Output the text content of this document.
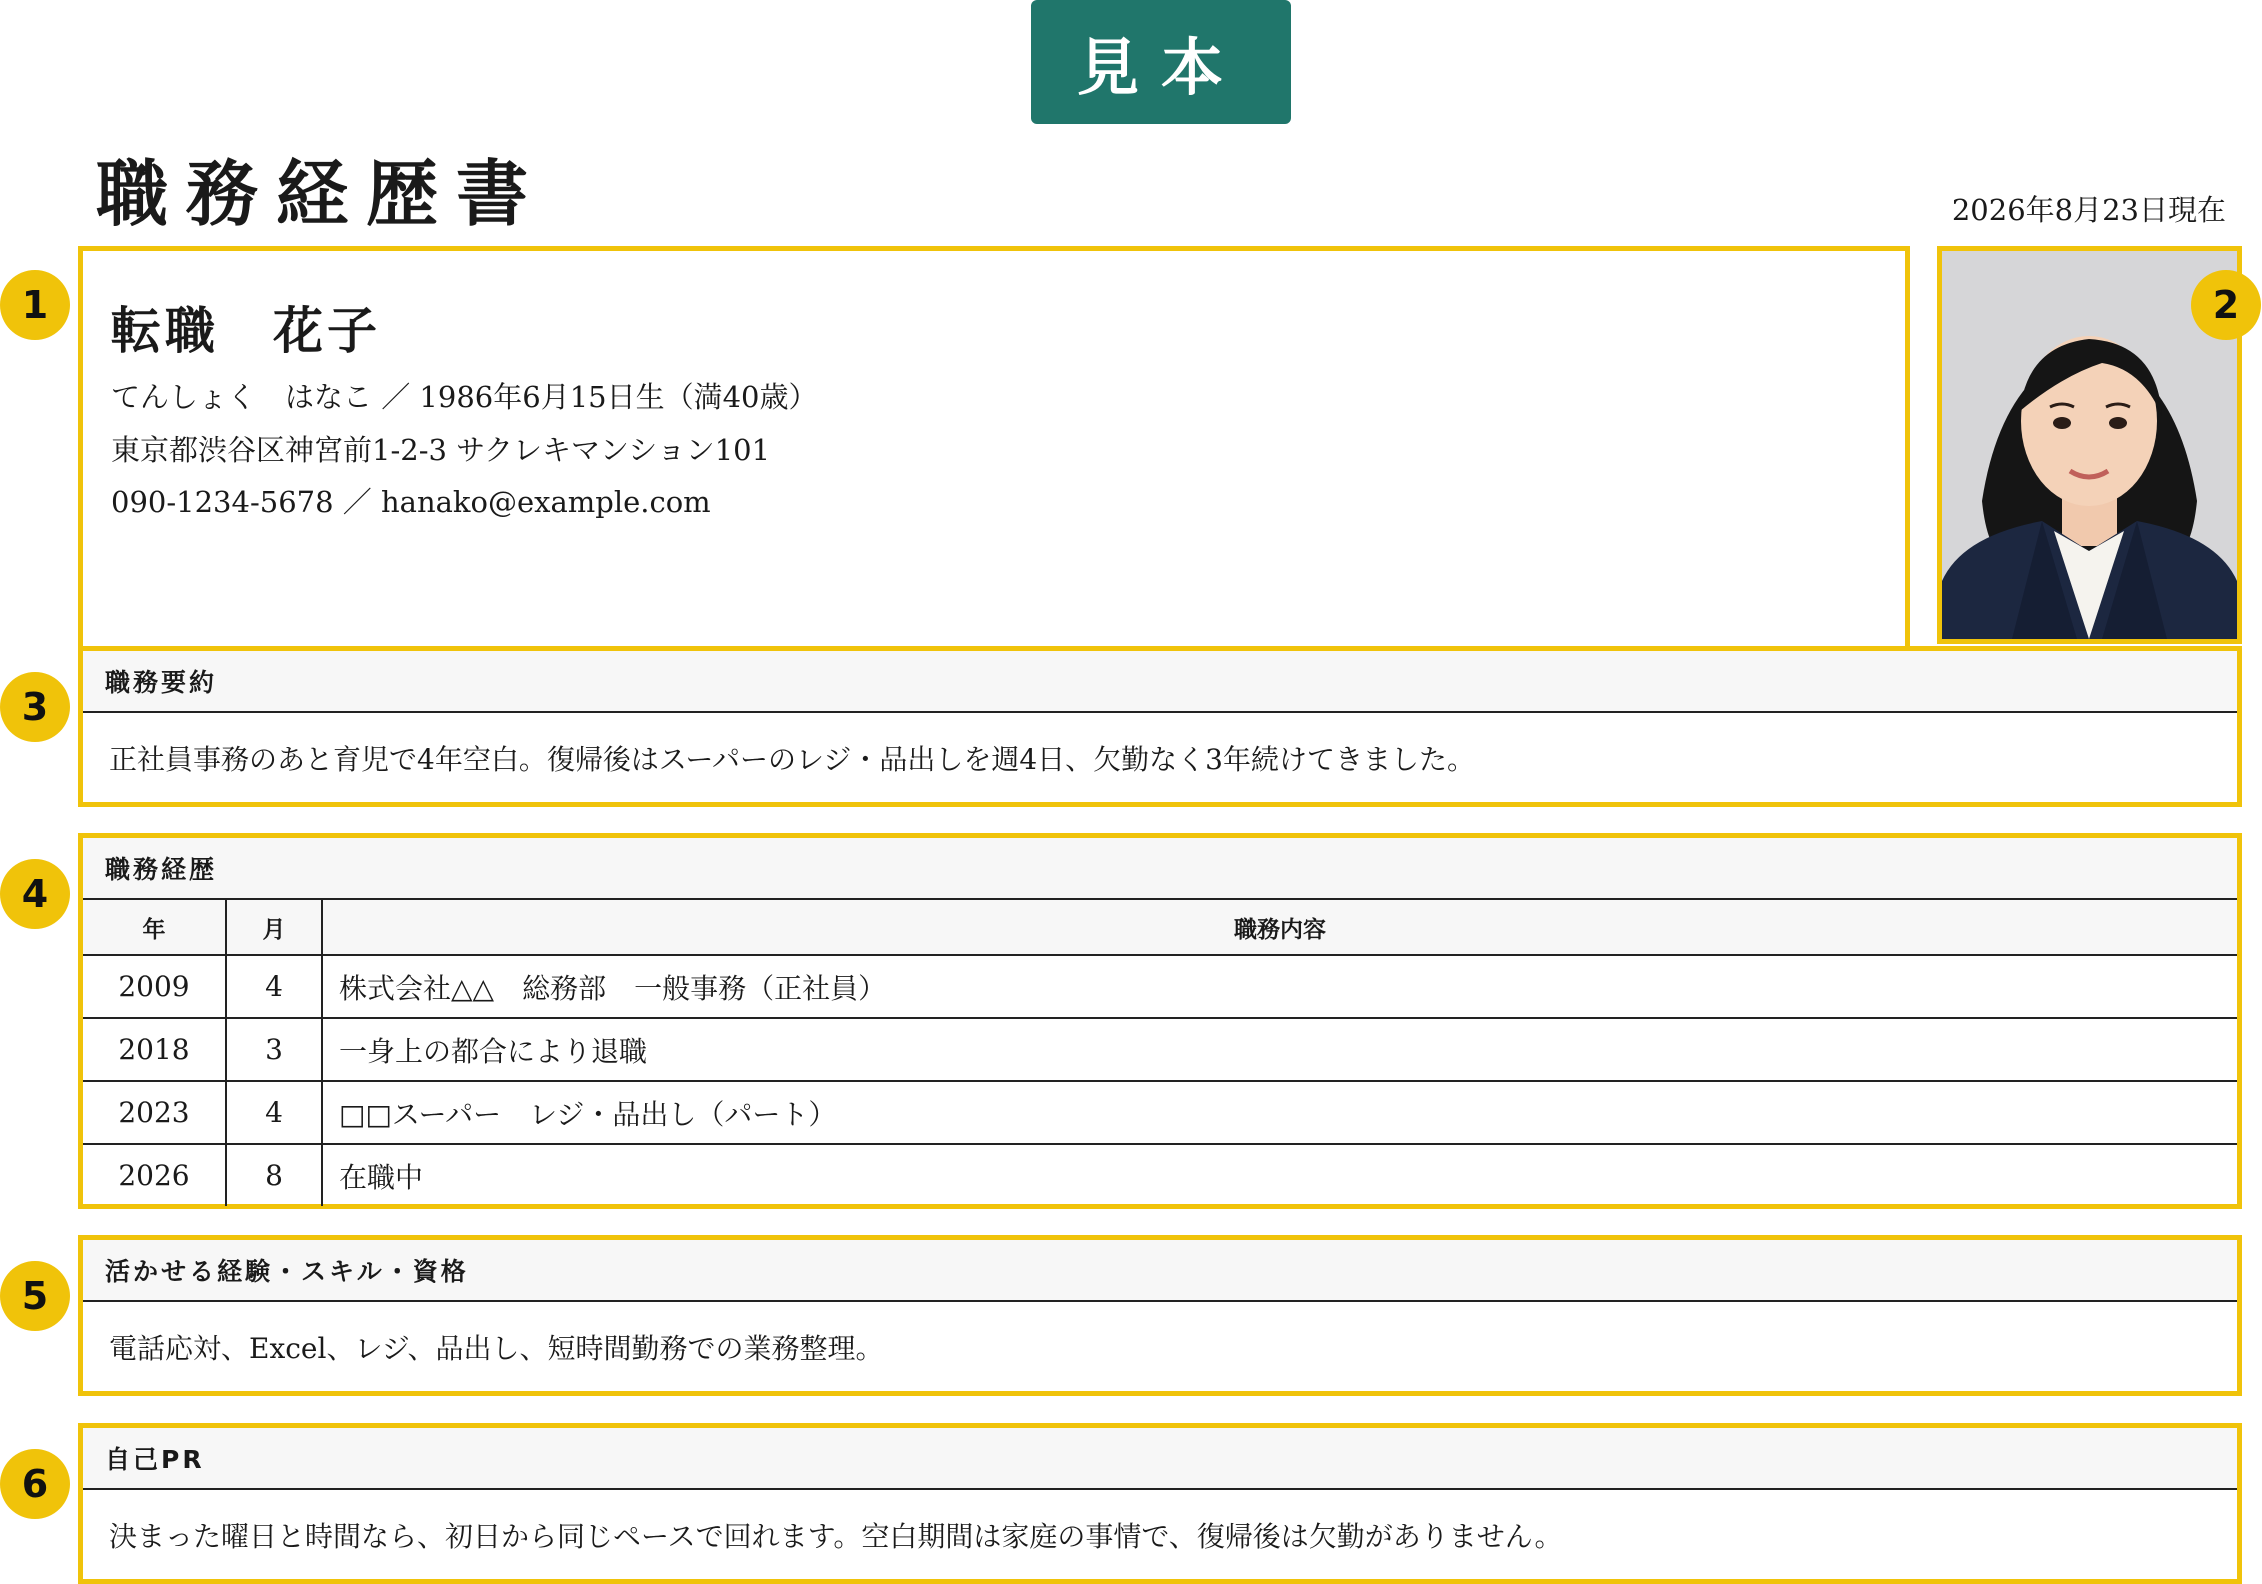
見本
職務経歴書	2026年8月23日現在
転職　花子
てんしょく　はなこ ／ 1986年6月15日生（満40歳）
東京都渋谷区神宮前1-2-3 サクレキマンション101
090-1234-5678 ／ hanako@example.com
1	2
職務要約
正社員事務のあと育児で4年空白。復帰後はスーパーのレジ・品出しを週4日、欠勤なく3年続けてきました。
3
職務経歴
年	月	職務内容
2009	4	株式会社△△　総務部　一般事務（正社員）
2018	3	一身上の都合により退職
2023	4	□□スーパー　レジ・品出し（パート）
2026	8	在職中
4
活かせる経験・スキル・資格
電話応対、Excel、レジ、品出し、短時間勤務での業務整理。
5
自己PR
決まった曜日と時間なら、初日から同じペースで回れます。空白期間は家庭の事情で、復帰後は欠勤がありません。
6
